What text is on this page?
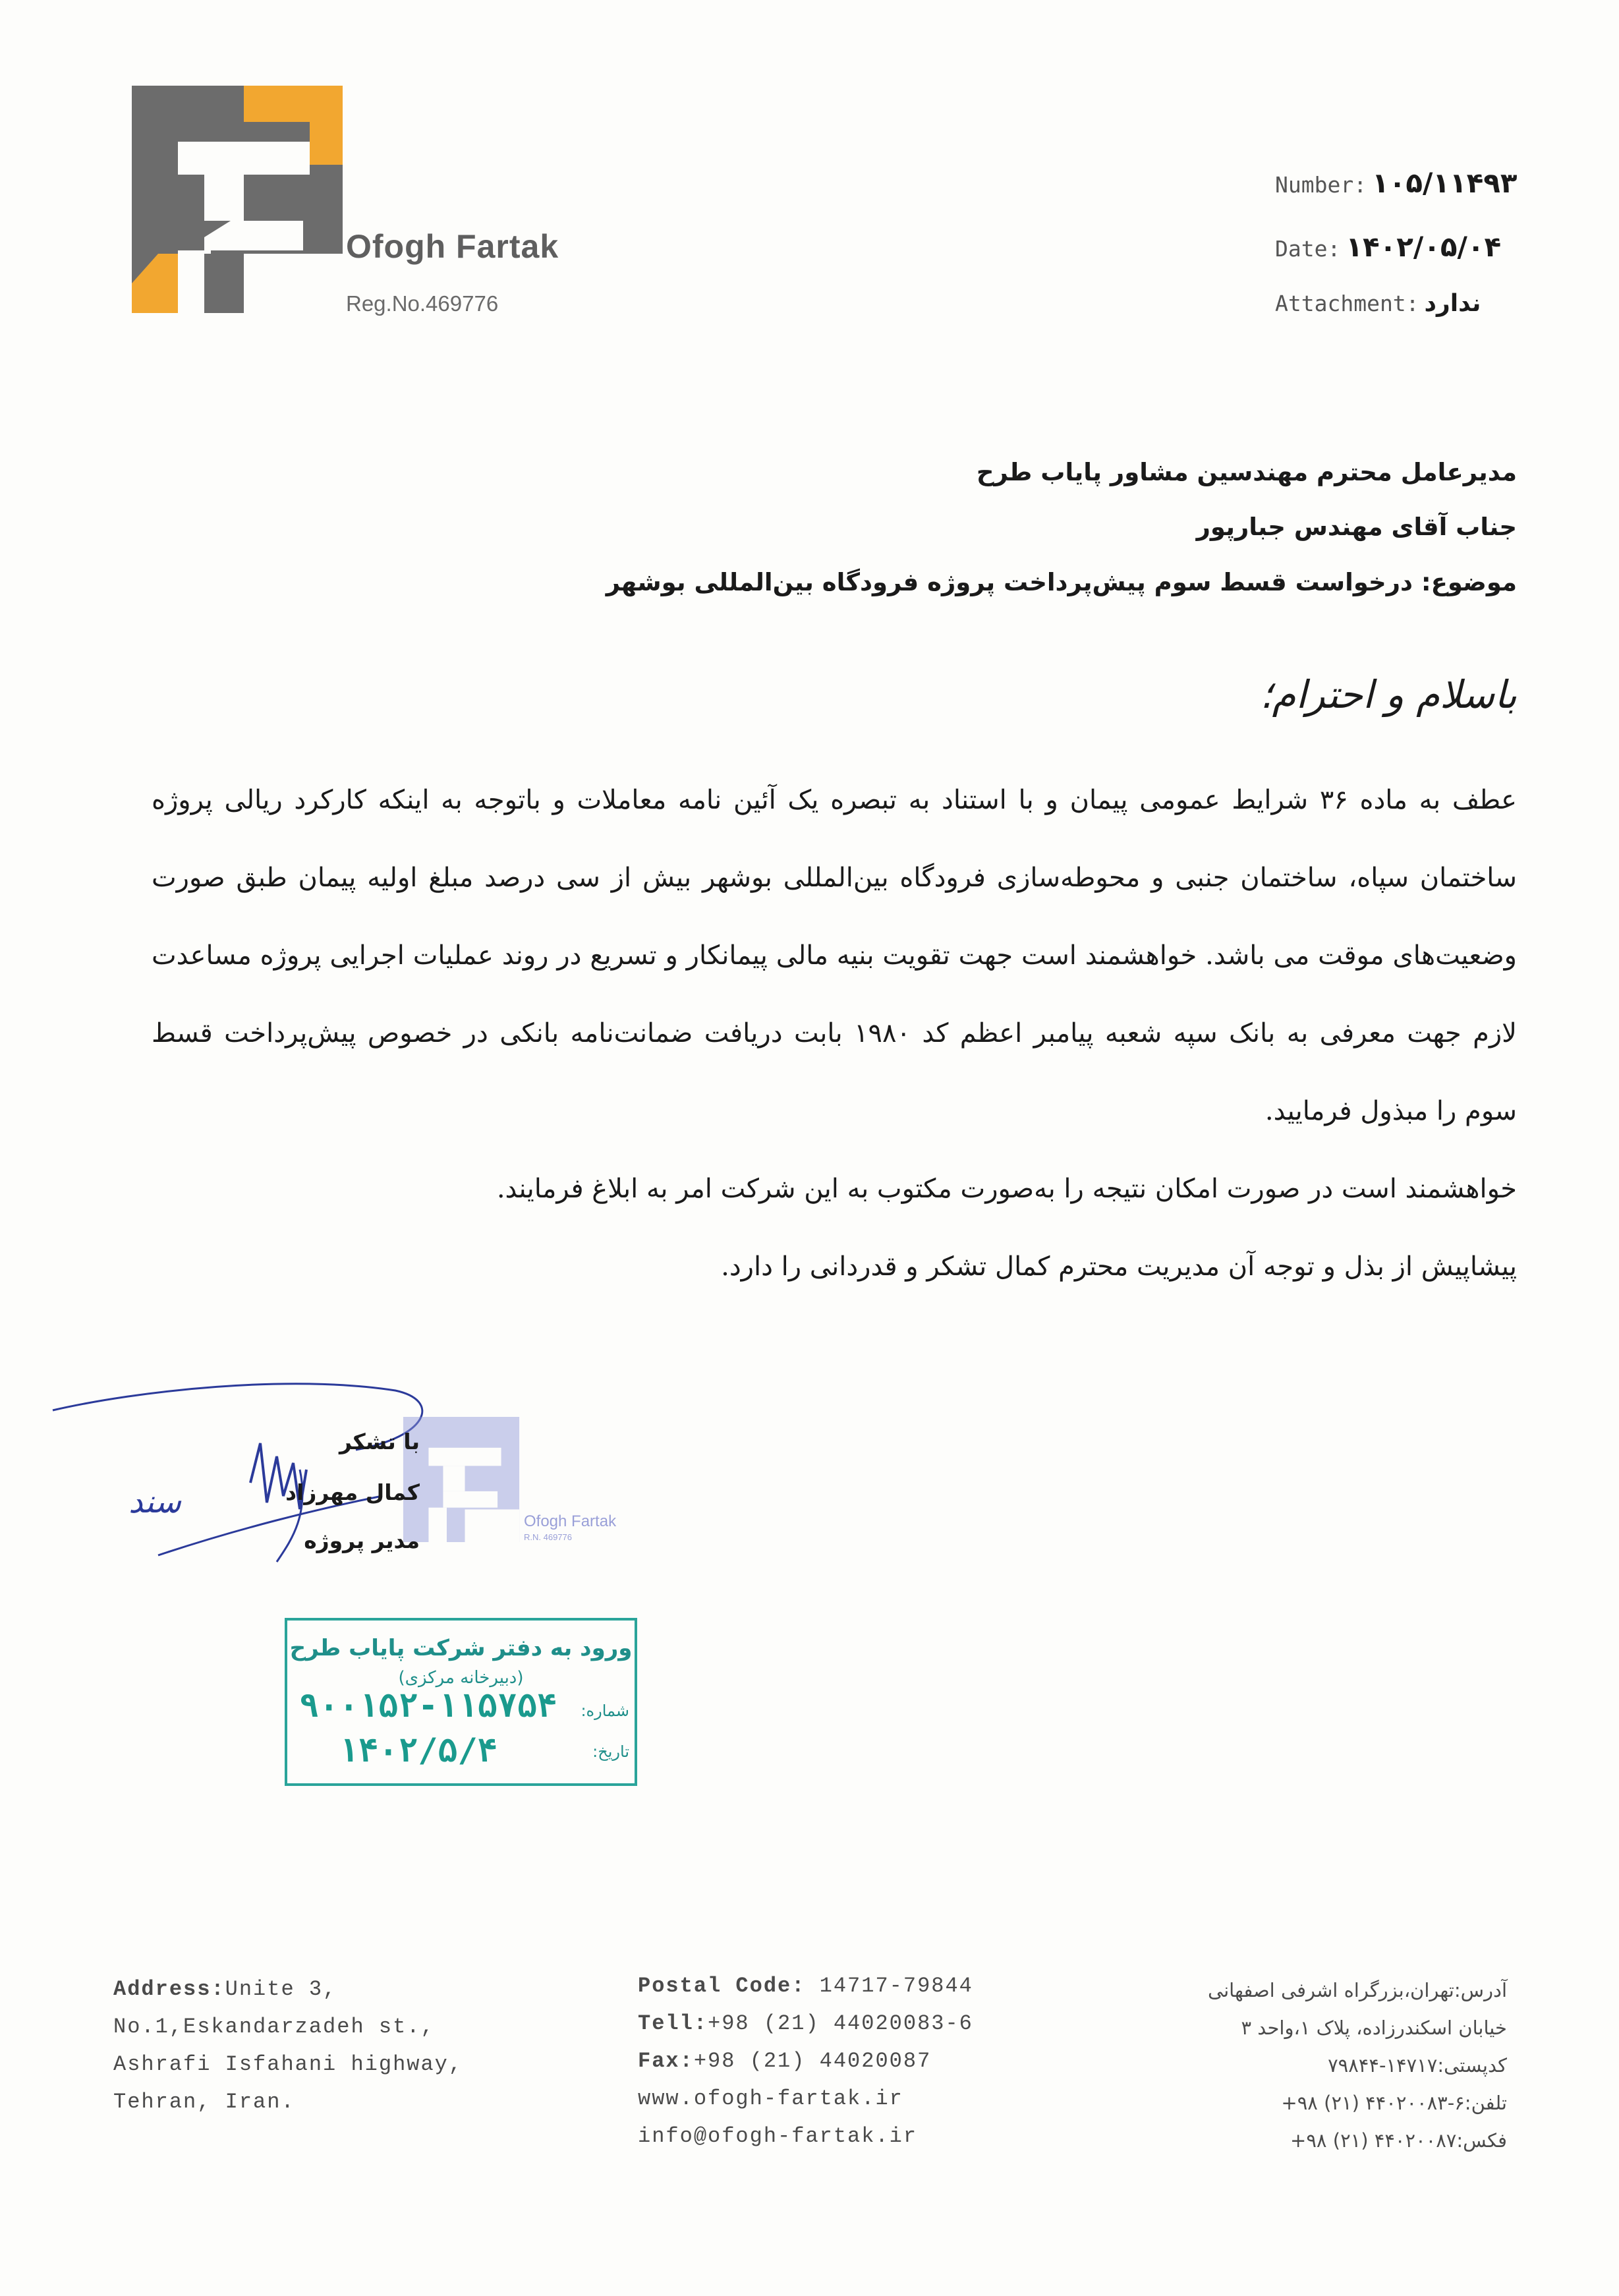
Ofogh Fartak
Reg.No.469776
Number: ۱۰۵/۱۱۴۹۳
Date: ۱۴۰۲/۰۵/۰۴
Attachment: ندارد
مدیرعامل محترم مهندسین مشاور پایاب طرح
جناب آقای مهندس جبارپور
موضوع: درخواست قسط سوم پیش‌پرداخت پروژه فرودگاه بین‌المللی بوشهر
باسلام و احترام؛

عطف به ماده ۳۶ شرایط عمومی پیمان و با استناد به تبصره یک آئین نامه معاملات و باتوجه به اینکه کارکرد ریالی پروژه ساختمان سپاه، ساختمان جنبی و محوطه‌سازی فرودگاه بین‌المللی بوشهر بیش از سی درصد مبلغ اولیه پیمان طبق صورت وضعیت‌های موقت می باشد. خواهشمند است جهت تقویت بنیه مالی پیمانکار و تسریع در روند عملیات اجرایی پروژه مساعدت لازم جهت معرفی به بانک سپه شعبه پیامبر اعظم کد ۱۹۸۰ بابت دریافت ضمانت‌نامه بانکی در خصوص پیش‌پرداخت قسط سوم را مبذول فرمایید.

خواهشمند است در صورت امکان نتیجه را به‌صورت مکتوب به این شرکت امر به ابلاغ فرمایند.

پیشاپیش از بذل و توجه آن مدیریت محترم کمال تشکر و قدردانی را دارد.

سند
Ofogh Fartak
R.N. 469776
با تشکر
کمال مهرزاد
مدیر پروژه
ورود به دفتر شرکت پایاب طرح
(دبیرخانه مرکزی)
شماره:
۹۰۰۱۵۲-۱۱۵۷۵۴
تاریخ:
۱۴۰۲/۵/۴
Address:Unite 3,
No.1,Eskandarzadeh st.,
Ashrafi Isfahani highway,
Tehran, Iran.
Postal Code: 14717-79844
Tell:+98 (21) 44020083-6
Fax:+98 (21) 44020087
www.ofogh-fartak.ir
info@ofogh-fartak.ir
آدرس:تهران،بزرگراه اشرفی اصفهانی
خیابان اسکندرزاده، پلاک ۱،واحد ۳
کدپستی:۱۴۷۱۷-۷۹۸۴۴
تلفن:۶-۴۴۰۲۰۰۸۳ (۲۱) ۹۸+
فکس:۴۴۰۲۰۰۸۷ (۲۱) ۹۸+
